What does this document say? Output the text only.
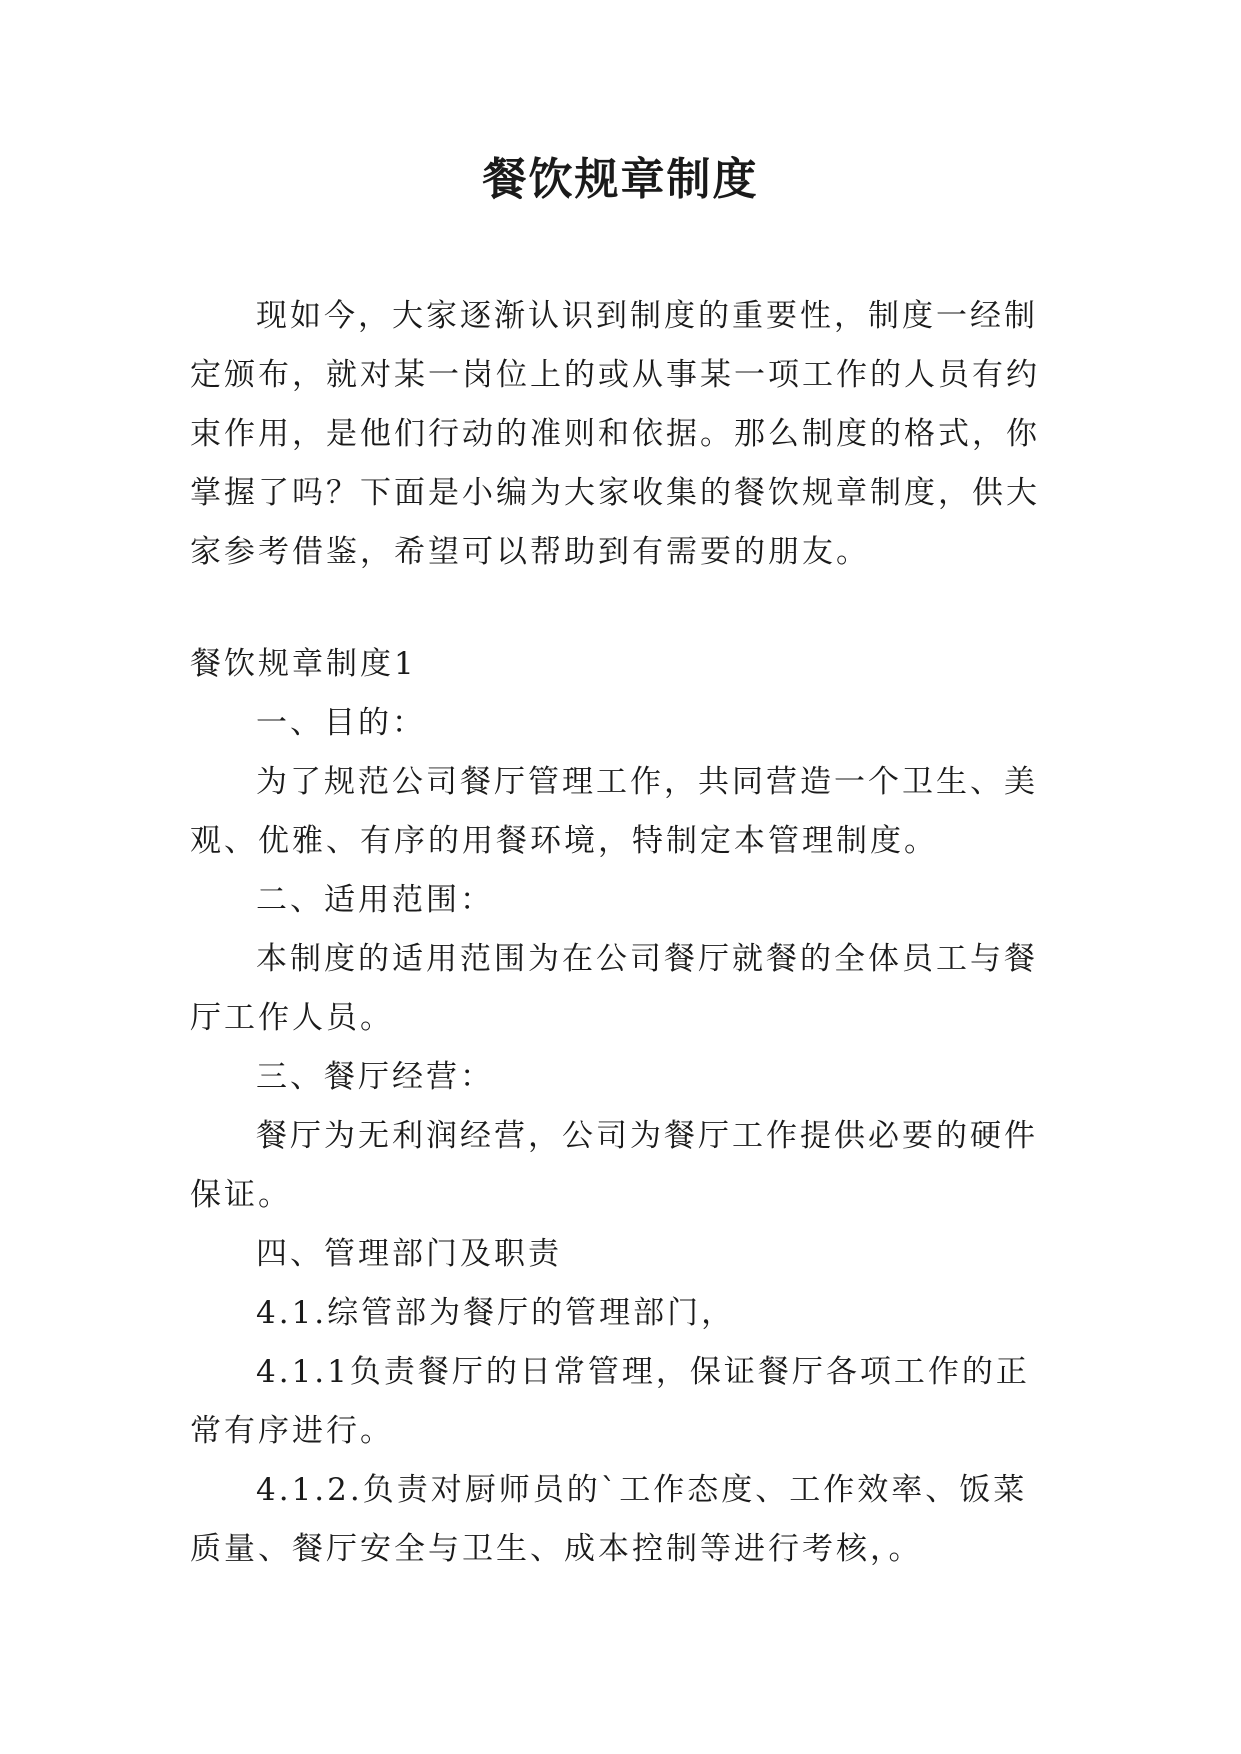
餐饮规章制度

现如今，大家逐渐认识到制度的重要性，制度一经制定颁布，就对某一岗位上的或从事某一项工作的人员有约束作用，是他们行动的准则和依据。那么制度的格式，你掌握了吗？下面是小编为大家收集的餐饮规章制度，供大家参考借鉴，希望可以帮助到有需要的朋友。

餐饮规章制度1

一、目的：

为了规范公司餐厅管理工作，共同营造一个卫生、美观、优雅、有序的用餐环境，特制定本管理制度。

二、适用范围：

本制度的适用范围为在公司餐厅就餐的全体员工与餐厅工作人员。

三、餐厅经营：

餐厅为无利润经营，公司为餐厅工作提供必要的硬件保证。

四、管理部门及职责

4.1.综管部为餐厅的管理部门，

4.1.1负责餐厅的日常管理，保证餐厅各项工作的正常有序进行。

4.1.2.负责对厨师员的`工作态度、工作效率、饭菜质量、餐厅安全与卫生、成本控制等进行考核，。
